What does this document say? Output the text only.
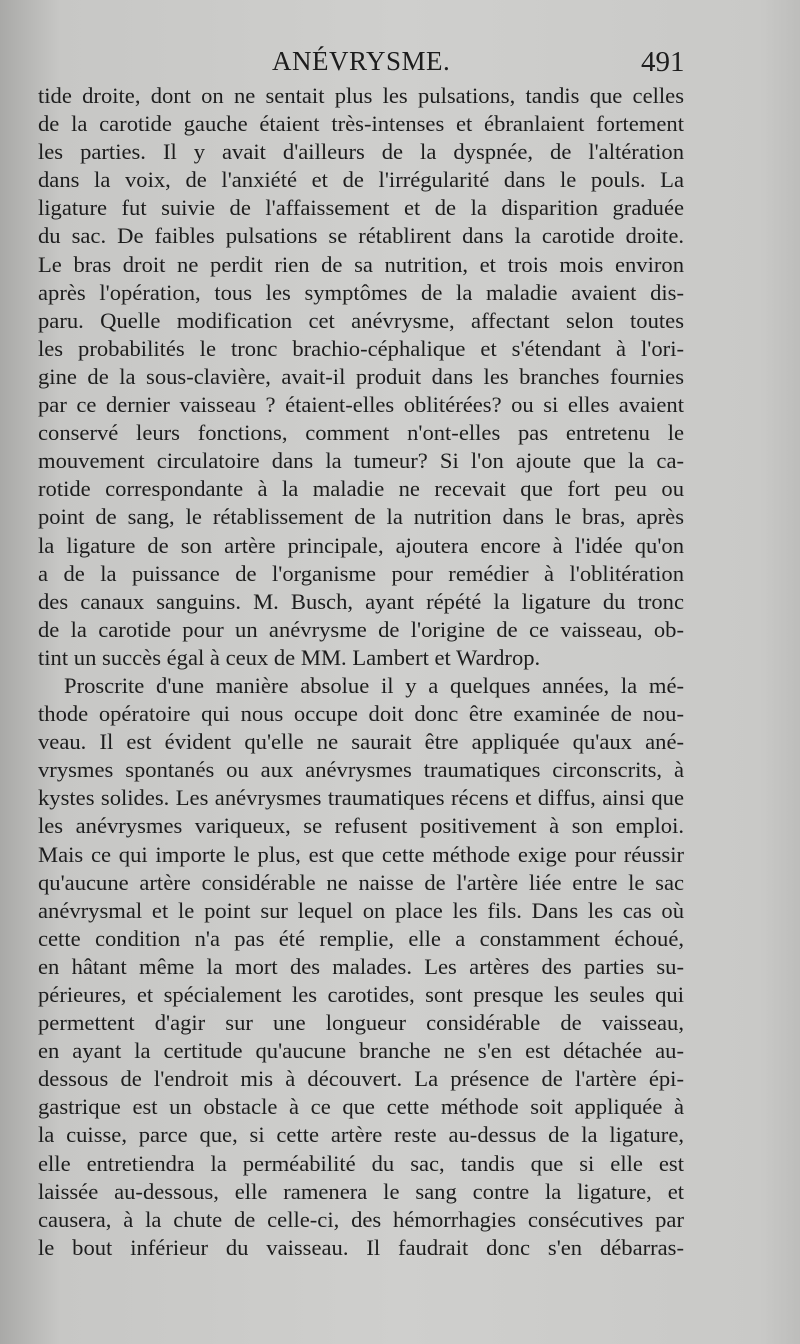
ANÉVRYSME.	491
tide droite, dont on ne sentait plus les pulsations, tandis que celles
de la carotide gauche étaient très-intenses et ébranlaient fortement
les parties. Il y avait d'ailleurs de la dyspnée, de l'altération
dans la voix, de l'anxiété et de l'irrégularité dans le pouls. La
ligature fut suivie de l'affaissement et de la disparition graduée
du sac. De faibles pulsations se rétablirent dans la carotide droite.
Le bras droit ne perdit rien de sa nutrition, et trois mois environ
après l'opération, tous les symptômes de la maladie avaient dis-
paru. Quelle modification cet anévrysme, affectant selon toutes
les probabilités le tronc brachio-céphalique et s'étendant à l'ori-
gine de la sous-clavière, avait-il produit dans les branches fournies
par ce dernier vaisseau ? étaient-elles oblitérées? ou si elles avaient
conservé leurs fonctions, comment n'ont-elles pas entretenu le
mouvement circulatoire dans la tumeur? Si l'on ajoute que la ca-
rotide correspondante à la maladie ne recevait que fort peu ou
point de sang, le rétablissement de la nutrition dans le bras, après
la ligature de son artère principale, ajoutera encore à l'idée qu'on
a de la puissance de l'organisme pour remédier à l'oblitération
des canaux sanguins. M. Busch, ayant répété la ligature du tronc
de la carotide pour un anévrysme de l'origine de ce vaisseau, ob-
tint un succès égal à ceux de MM. Lambert et Wardrop.
Proscrite d'une manière absolue il y a quelques années, la mé-
thode opératoire qui nous occupe doit donc être examinée de nou-
veau. Il est évident qu'elle ne saurait être appliquée qu'aux ané-
vrysmes spontanés ou aux anévrysmes traumatiques circonscrits, à
kystes solides. Les anévrysmes traumatiques récens et diffus, ainsi que
les anévrysmes variqueux, se refusent positivement à son emploi.
Mais ce qui importe le plus, est que cette méthode exige pour réussir
qu'aucune artère considérable ne naisse de l'artère liée entre le sac
anévrysmal et le point sur lequel on place les fils. Dans les cas où
cette condition n'a pas été remplie, elle a constamment échoué,
en hâtant même la mort des malades. Les artères des parties su-
périeures, et spécialement les carotides, sont presque les seules qui
permettent d'agir sur une longueur considérable de vaisseau,
en ayant la certitude qu'aucune branche ne s'en est détachée au-
dessous de l'endroit mis à découvert. La présence de l'artère épi-
gastrique est un obstacle à ce que cette méthode soit appliquée à
la cuisse, parce que, si cette artère reste au-dessus de la ligature,
elle entretiendra la perméabilité du sac, tandis que si elle est
laissée au-dessous, elle ramenera le sang contre la ligature, et
causera, à la chute de celle-ci, des hémorrhagies consécutives par
le bout inférieur du vaisseau. Il faudrait donc s'en débarras-
